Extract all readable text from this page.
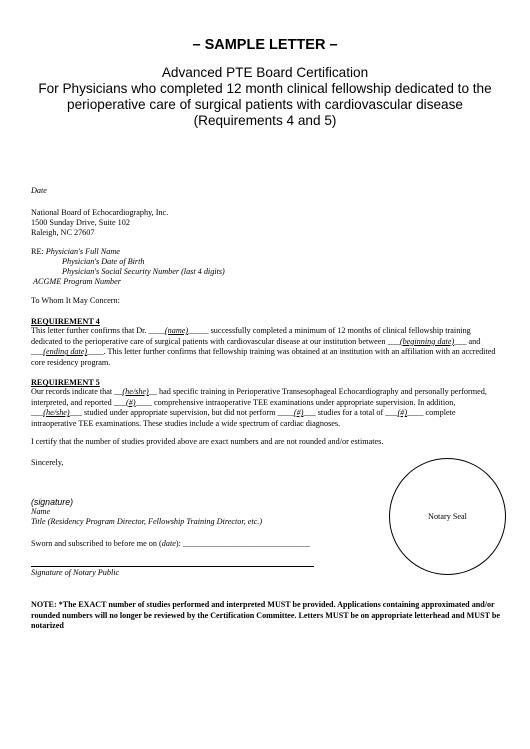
– SAMPLE LETTER –
Advanced PTE Board Certification
For Physicians who completed 12 month clinical fellowship dedicated to the
perioperative care of surgical patients with cardiovascular disease
(Requirements 4 and 5)
Date
National Board of Echocardiography, Inc.
1500 Sunday Drive, Suite 102
Raleigh, NC 27607
RE: Physician's Full Name
Physician's Date of Birth
Physician's Social Security Number (last 4 digits)
ACGME Program Number
To Whom It May Concern:
REQUIREMENT 4
This letter further confirms that Dr. ____(name)_____ successfully completed a minimum of 12 months of clinical fellowship training dedicated to the perioperative care of surgical patients with cardiovascular disease at our institution between ___(beginning date)___ and ___(ending date)____. This letter further confirms that fellowship training was obtained at an institution with an affiliation with an accredited core residency program.
REQUIREMENT 5
Our records indicate that __(he/she)__ had specific training in Perioperative Transesophageal Echocardiography and personally performed, interpreted, and reported ___(#)____ comprehensive intraoperative TEE examinations under appropriate supervision. In addition, ___(he/she)___ studied under appropriate supervision, but did not perform ____(#)___ studies for a total of ___(#)____ complete intraoperative TEE examinations. These studies include a wide spectrum of cardiac diagnoses.
I certify that the number of studies provided above are exact numbers and are not rounded and/or estimates.
Sincerely,
(signature)
Name
Title (Residency Program Director, Fellowship Training Director, etc.)
Sworn and subscribed to before me on (date): _______________________________
Signature of Notary Public
Notary Seal
NOTE: *The EXACT number of studies performed and interpreted MUST be provided. Applications containing approximated and/or rounded numbers will no longer be reviewed by the Certification Committee. Letters MUST be on appropriate letterhead and MUST be notarized
